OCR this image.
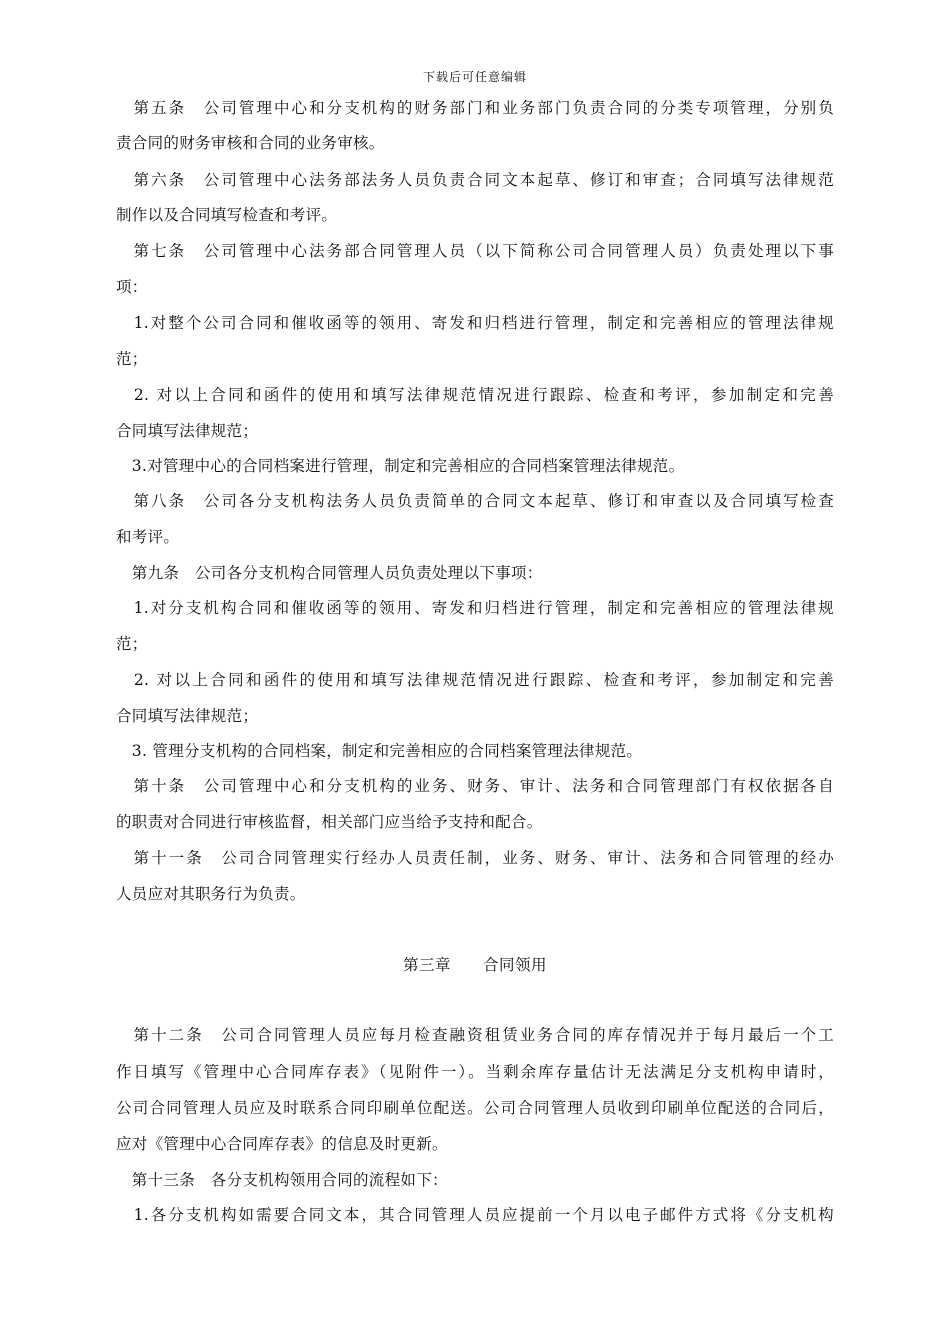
下载后可任意编辑
　第五条　公司管理中心和分支机构的财务部门和业务部门负责合同的分类专项管理，分别负
责合同的财务审核和合同的业务审核。
　第六条　公司管理中心法务部法务人员负责合同文本起草、修订和审查；合同填写法律规范
制作以及合同填写检查和考评。
　第七条　公司管理中心法务部合同管理人员（以下简称公司合同管理人员）负责处理以下事
项：
　1.对整个公司合同和催收函等的领用、寄发和归档进行管理，制定和完善相应的管理法律规
范；
　2. 对以上合同和函件的使用和填写法律规范情况进行跟踪、检查和考评，参加制定和完善
合同填写法律规范；
　3.对管理中心的合同档案进行管理，制定和完善相应的合同档案管理法律规范。
　第八条　公司各分支机构法务人员负责简单的合同文本起草、修订和审查以及合同填写检查
和考评。
　第九条　公司各分支机构合同管理人员负责处理以下事项：
　1.对分支机构合同和催收函等的领用、寄发和归档进行管理，制定和完善相应的管理法律规
范；
　2. 对以上合同和函件的使用和填写法律规范情况进行跟踪、检查和考评，参加制定和完善
合同填写法律规范；
　3. 管理分支机构的合同档案，制定和完善相应的合同档案管理法律规范。
　第十条　公司管理中心和分支机构的业务、财务、审计、法务和合同管理部门有权依据各自
的职责对合同进行审核监督，相关部门应当给予支持和配合。
　第十一条　公司合同管理实行经办人员责任制，业务、财务、审计、法务和合同管理的经办
人员应对其职务行为负责。
第三章　　合同领用
　第十二条　公司合同管理人员应每月检查融资租赁业务合同的库存情况并于每月最后一个工
作日填写《管理中心合同库存表》（见附件一）。当剩余库存量估计无法满足分支机构申请时，
公司合同管理人员应及时联系合同印刷单位配送。公司合同管理人员收到印刷单位配送的合同后，
应对《管理中心合同库存表》的信息及时更新。
　第十三条　各分支机构领用合同的流程如下：
　1.各分支机构如需要合同文本，其合同管理人员应提前一个月以电子邮件方式将《分支机构
